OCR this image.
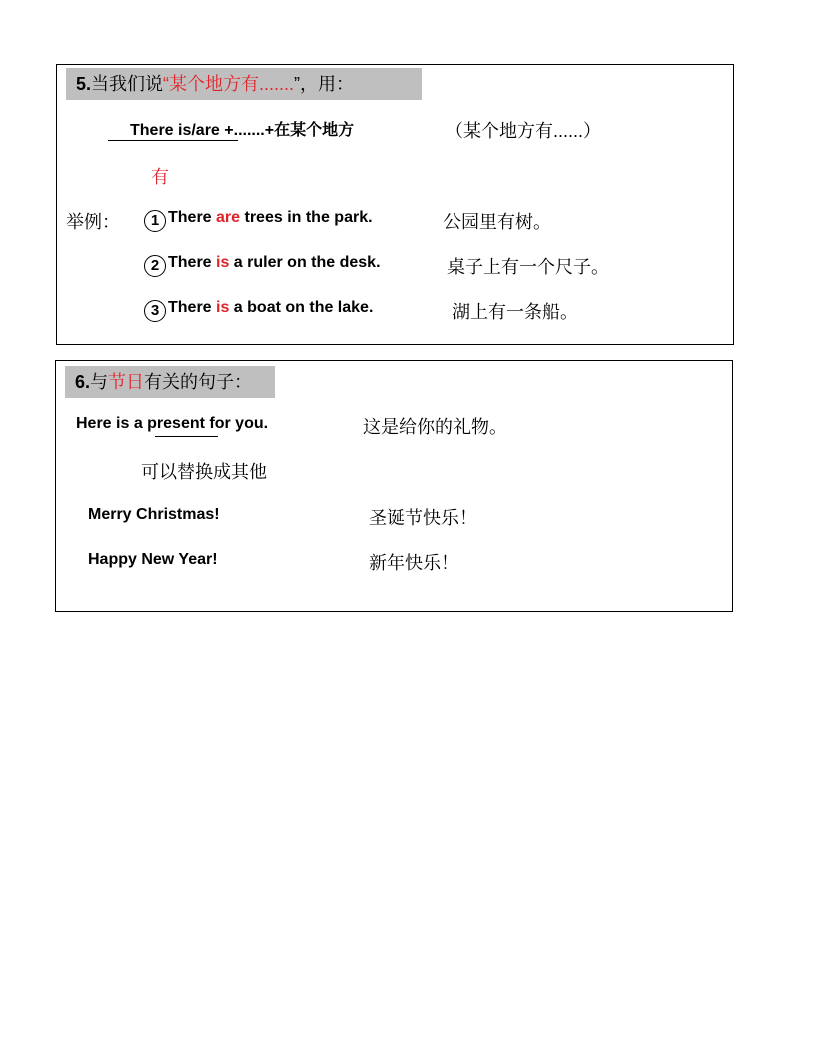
5.当我们说“某个地方有.......”，用：
There is/are +.......+在某个地方	（某个地方有......）
有
举例：	1 There are trees in the park.	公园里有树。
2 There is a ruler on the desk.	桌子上有一个尺子。
3 There is a boat on the lake.	湖上有一条船。
6.与节日有关的句子：
Here is a present for you.	这是给你的礼物。
可以替换成其他
Merry Christmas!	圣诞节快乐！
Happy New Year!	新年快乐！
